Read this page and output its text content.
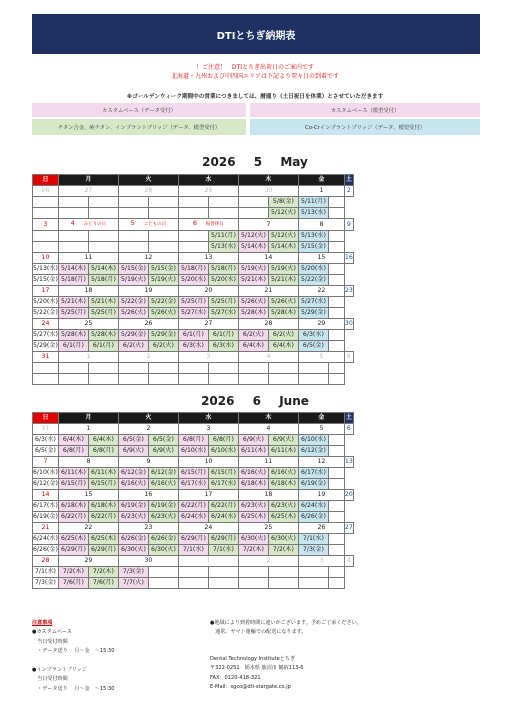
DTIとちぎ納期表
！ご注意！　DTIとちぎ出荷日のご案内です
北海道・九州および中四国エリアは下記より翌々日の到着です
※ゴールデンウィーク期間中の営業につきましては、暦通り（土日祝日を休業）とさせていただきます
カスタムベース（データ受付）	カスタムベース（模型受付）
チタン合金、純チタン、インプラントブリッジ（データ、模型受付）	Co-Crインプラントブリッジ（データ、模型受付）
2026 5 May
日	月		火		水		木		金		土
26	27		28		29		30		1		2
								5/8(金)	5/11(月)		
								5/12(火)	5/13(水)		
3	4　　みどりの日		5　　こどもの日		6　　振替休日		7		8		9
						5/11(月)	5/12(火)	5/12(火)	5/13(水)		
						5/13(水)	5/14(木)	5/14(木)	5/15(金)		
10	11		12		13		14		15		16
5/13(水)	5/14(木)	5/14(木)	5/15(金)	5/15(金)	5/18(月)	5/18(月)	5/19(火)	5/19(火)	5/20(水)		
5/15(金)	5/18(月)	5/18(月)	5/19(火)	5/19(火)	5/20(水)	5/20(水)	5/21(木)	5/21(木)	5/22(金)		
17	18		19		20		21		22		23
5/20(水)	5/21(木)	5/21(木)	5/22(金)	5/22(金)	5/25(月)	5/25(月)	5/26(火)	5/26(火)	5/27(水)		
5/22(金)	5/25(月)	5/25(月)	5/26(火)	5/26(火)	5/27(水)	5/27(水)	5/28(木)	5/28(木)	5/29(金)		
24	25		26		27		28		29		30
5/27(水)	5/28(木)	5/28(木)	5/29(金)	5/29(金)	6/1(月)	6/1(月)	6/2(火)	6/2(火)	6/3(水)		
5/29(金)	6/1(月)	6/1(月)	6/2(火)	6/2(火)	6/3(水)	6/3(水)	6/4(木)	6/4(木)	6/5(金)		
31	1		2		3		4		5		6

2026 6 June
日	月		火		水		木		金		土
31	1		2		3		4		5		6
6/3(水)	6/4(木)	6/4(木)	6/5(金)	6/5(金)	6/8(月)	6/8(月)	6/9(火)	6/9(火)	6/10(水)		
6/5(金)	6/8(月)	6/8(月)	6/9(火)	6/9(火)	6/10(水)	6/10(水)	6/11(木)	6/11(木)	6/12(金)		
7	8		9		10		11		12		13
6/10(水)	6/11(木)	6/11(木)	6/12(金)	6/12(金)	6/15(月)	6/15(月)	6/16(火)	6/16(火)	6/17(水)		
6/12(金)	6/15(月)	6/15(月)	6/16(火)	6/16(火)	6/17(水)	6/17(水)	6/18(木)	6/18(木)	6/19(金)		
14	15		16		17		18		19		20
6/17(水)	6/18(木)	6/18(木)	6/19(金)	6/19(金)	6/22(月)	6/22(月)	6/23(火)	6/23(火)	6/24(水)		
6/19(金)	6/22(月)	6/22(月)	6/23(火)	6/23(火)	6/24(水)	6/24(水)	6/25(木)	6/25(木)	6/26(金)		
21	22		23		24		25		26		27
6/24(水)	6/25(木)	6/25(木)	6/26(金)	6/26(金)	6/29(月)	6/29(月)	6/30(火)	6/30(火)	7/1(水)		
6/26(金)	6/29(月)	6/29(月)	6/30(火)	6/30(火)	7/1(水)	7/1(水)	7/2(木)	7/2(木)	7/3(金)		
28	29		30		1		2		3		4
7/1(水)	7/2(木)	7/2(木)	7/3(金)								
7/3(金)	7/6(月)	7/6(月)	7/7(火)								
注意事項
●カスタムベース
　当日受付時間
　・データ送り　 月～金　～15:30

●インプラントブリッジ
　当日受付時間
　・データ送り　 月～金　～15:30
●地域により到着時間に違いがございます。予めご了承ください。
　通常、ヤマト運輸での配送になります。
Dental Technology Instituteとちぎ
〒322-0251　栃木県 鹿沼市 鶴宿113-6
FAX：0120-418-321
E-Mail：sgco@dti-stargate.co.jp
